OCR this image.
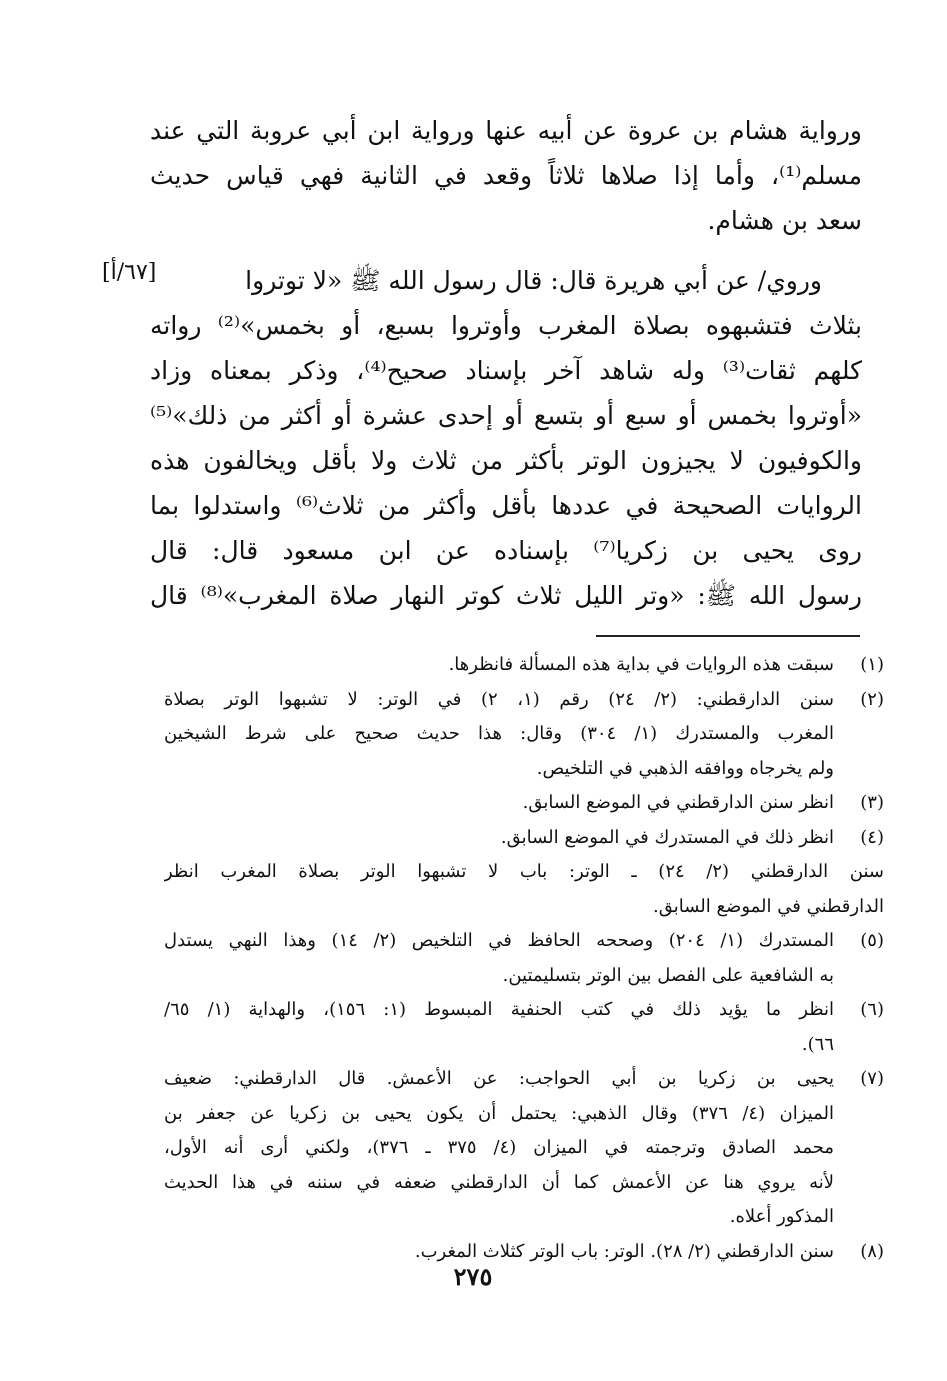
ورواية هشام بن عروة عن أبيه عنها ورواية ابن أبي عروبة التي عند
مسلم⁽¹⁾، وأما إذا صلاها ثلاثاً وقعد في الثانية فهي قياس حديث
سعد بن هشام.
[٦٧/أ]	وروي/ عن أبي هريرة قال: قال رسول الله ﷺ «لا توتروا
بثلاث فتشبهوه بصلاة المغرب وأوتروا بسبع، أو بخمس»⁽²⁾ رواته
كلهم ثقات⁽³⁾ وله شاهد آخر بإسناد صحيح⁽⁴⁾، وذكر بمعناه وزاد
«أوتروا بخمس أو سبع أو بتسع أو إحدى عشرة أو أكثر من ذلك»⁽⁵⁾
والكوفيون لا يجيزون الوتر بأكثر من ثلاث ولا بأقل ويخالفون هذه
الروايات الصحيحة في عددها بأقل وأكثر من ثلاث⁽⁶⁾ واستدلوا بما
روى يحيى بن زكريا⁽⁷⁾ بإسناده عن ابن مسعود قال: قال
رسول الله ﷺ: «وتر الليل ثلاث كوتر النهار صلاة المغرب»⁽⁸⁾ قال
(١)
سبقت هذه الروايات في بداية هذه المسألة فانظرها.
(٢)
سنن الدارقطني: (٢/ ٢٤) رقم (١، ٢) في الوتر: لا تشبهوا الوتر بصلاة
المغرب والمستدرك (١/ ٣٠٤) وقال: هذا حديث صحيح على شرط الشيخين
ولم يخرجاه ووافقه الذهبي في التلخيص.
(٣)
انظر سنن الدارقطني في الموضع السابق.
(٤)
انظر ذلك في المستدرك في الموضع السابق.
سنن الدارقطني (٢/ ٢٤) ـ الوتر: باب لا تشبهوا الوتر بصلاة المغرب انظر
الدارقطني في الموضع السابق.
(٥)
المستدرك (١/ ٢٠٤) وصححه الحافظ في التلخيص (٢/ ١٤) وهذا النهي يستدل
به الشافعية على الفصل بين الوتر بتسليمتين.
(٦)
انظر ما يؤيد ذلك في كتب الحنفية المبسوط (١: ١٥٦)، والهداية (١/ ٦٥/
٦٦).
(٧)
يحيى بن زكريا بن أبي الحواجب: عن الأعمش. قال الدارقطني: ضعيف
الميزان (٤/ ٣٧٦) وقال الذهبي: يحتمل أن يكون يحيى بن زكريا عن جعفر بن
محمد الصادق وترجمته في الميزان (٤/ ٣٧٥ ـ ٣٧٦)، ولكني أرى أنه الأول،
لأنه يروي هنا عن الأعمش كما أن الدارقطني ضعفه في سننه في هذا الحديث
المذكور أعلاه.
(٨)
سنن الدارقطني (٢/ ٢٨). الوتر: باب الوتر كثلاث المغرب.
٢٧٥
